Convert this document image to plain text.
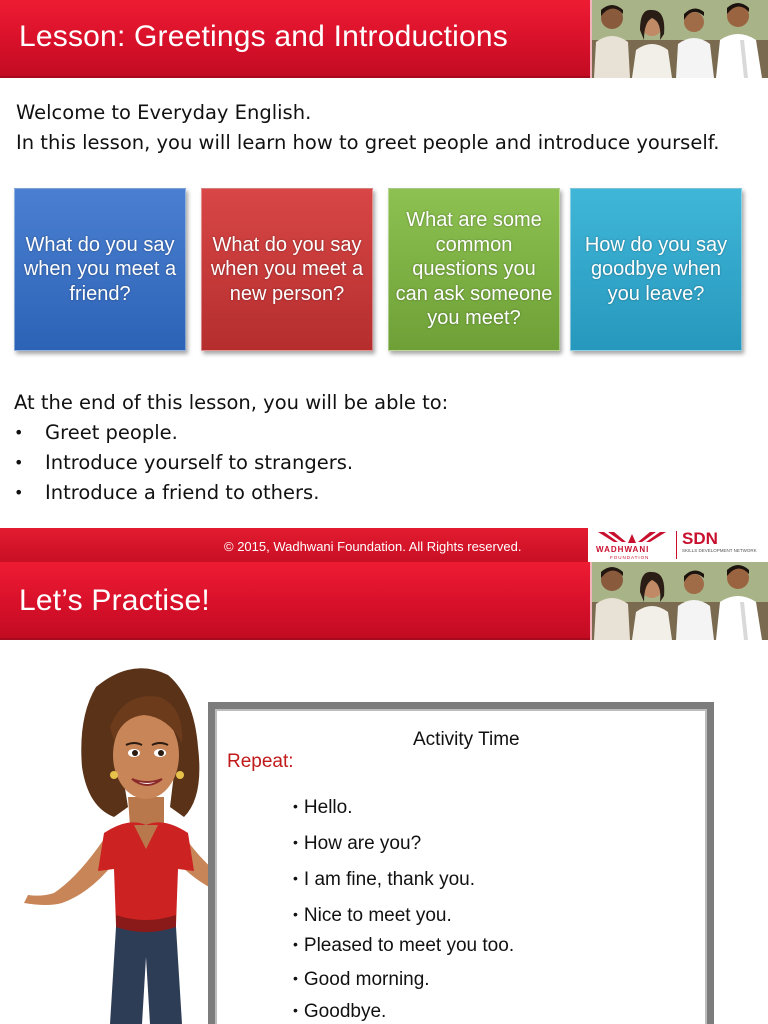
Lesson: Greetings and Introductions
Welcome to Everyday English.
In this lesson, you will learn how to greet people and introduce yourself.
What do you say when you meet a friend?
What do you say when you meet a new person?
What are some common questions you can ask someone you meet?
How do you say goodbye when you leave?
At the end of this lesson, you will be able to:
• Greet people.
• Introduce yourself to strangers.
• Introduce a friend to others.
© 2015, Wadhwani Foundation. All Rights reserved.	WADHWANI
FOUNDATION
SDN
SKILLS DEVELOPMENT NETWORK
Let’s Practise!
Activity Time
Repeat:
• Hello.
• How are you?
• I am fine, thank you.
• Nice to meet you.
• Pleased to meet you too.
• Good morning.
• Goodbye.
